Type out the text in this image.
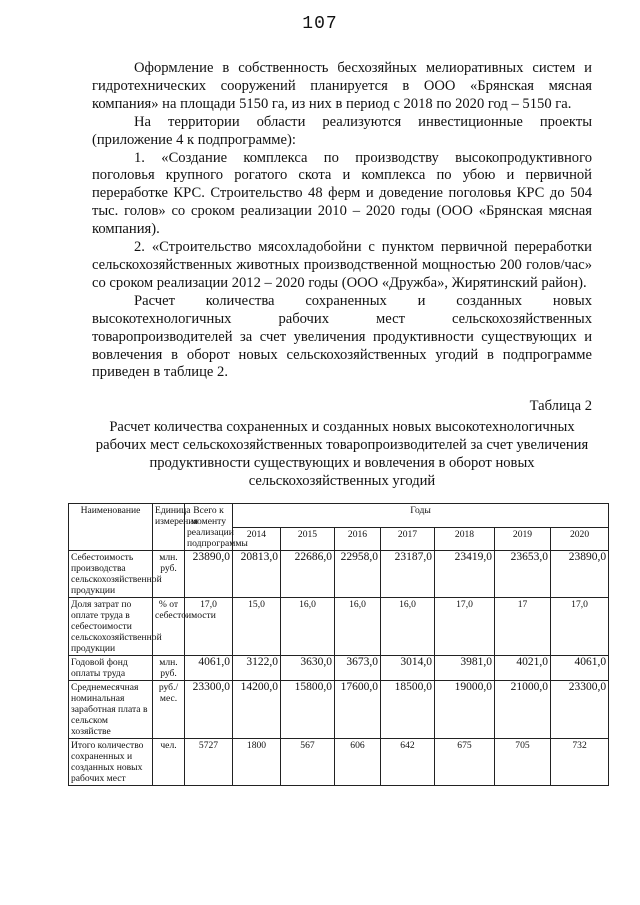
107

Оформление в собственность бесхозяйных мелиоративных систем и гидротехнических сооружений планируется в ООО «Брянская мясная компания» на площади 5150 га, из них в период с 2018 по 2020 год – 5150 га.

На территории области реализуются инвестиционные проекты (приложение 4 к подпрограмме):

1. «Создание комплекса по производству высокопродуктивного поголовья крупного рогатого скота и комплекса по убою и первичной переработке КРС. Строительство 48 ферм и доведение поголовья КРС до 504 тыс. голов» со сроком реализации 2010 – 2020 годы (ООО «Брянская мясная компания).

2. «Строительство мясохладобойни с пунктом первичной переработки сельскохозяйственных животных производственной мощностью 200 голов/час» со сроком реализации 2012 – 2020 годы (ООО «Дружба», Жирятинский район).

Расчет количества сохраненных и созданных новых высокотехнологичных рабочих мест сельскохозяйственных товаропроизводителей за счет увеличения продуктивности существующих и вовлечения в оборот новых сельскохозяйственных угодий в подпрограмме приведен в таблице 2.

Таблица 2
Расчет количества сохраненных и созданных новых высокотехнологичных рабочих мест сельскохозяйственных товаропроизводителей за счет увеличения продуктивности существующих и вовлечения в оборот новых сельскохозяйственных угодий
Наименование	Единица измерения	Всего к моменту реализации подпрограммы	Годы						
			2014	2015	2016	2017	2018	2019	2020
Себестоимость производства сельскохозяйственной продукции	млн. руб.	23890,0	20813,0	22686,0	22958,0	23187,0	23419,0	23653,0	23890,0
Доля затрат по оплате труда в себестоимости сельскохозяйственной продукции	% от себестоимости	17,0	15,0	16,0	16,0	16,0	17,0	17	17,0
Годовой фонд оплаты труда	млн. руб.	4061,0	3122,0	3630,0	3673,0	3014,0	3981,0	4021,0	4061,0
Среднемесячная номинальная заработная плата в сельском хозяйстве	руб./ мес.	23300,0	14200,0	15800,0	17600,0	18500,0	19000,0	21000,0	23300,0
Итого количество сохраненных и созданных новых рабочих мест	чел.	5727	1800	567	606	642	675	705	732
